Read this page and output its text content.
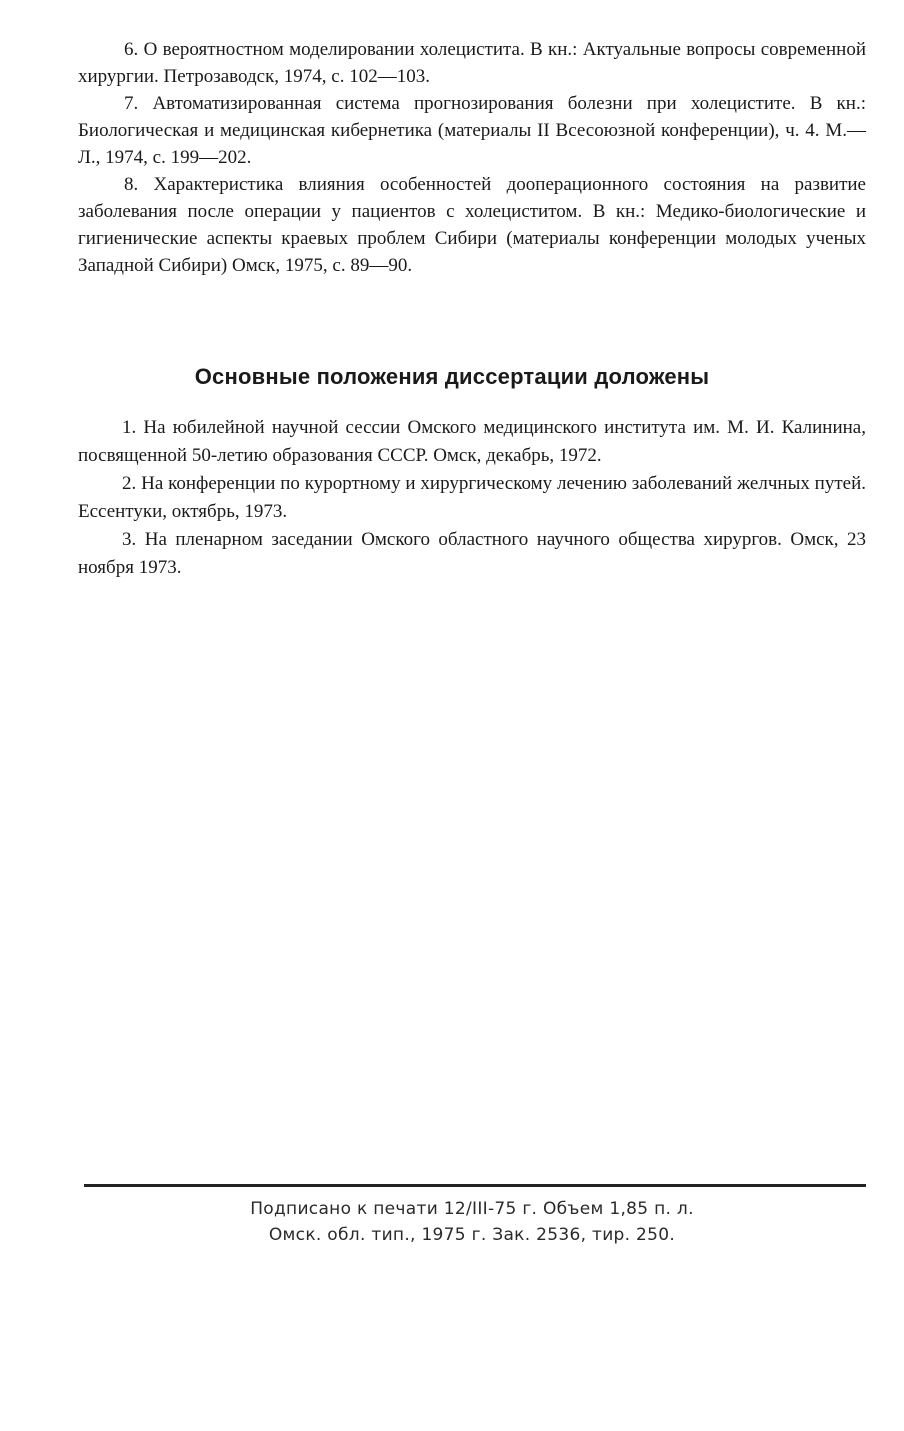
6. О вероятностном моделировании холецистита. В кн.: Актуальные вопросы современной хирургии. Петрозаводск, 1974, с. 102—103.

7. Автоматизированная система прогнозирования болезни при холецистите. В кн.: Биологическая и медицинская кибернетика (материалы II Всесоюзной конференции), ч. 4. М.—Л., 1974, с. 199—202.

8. Характеристика влияния особенностей дооперационного состояния на развитие заболевания после операции у пациентов с холециститом. В кн.: Медико-биологические и гигиенические аспекты краевых проблем Сибири (материалы конференции молодых ученых Западной Сибири) Омск, 1975, с. 89—90.

Основные положения диссертации доложены

1. На юбилейной научной сессии Омского медицинского института им. М. И. Калинина, посвященной 50-летию образования СССР. Омск, декабрь, 1972.

2. На конференции по курортному и хирургическому лечению заболеваний желчных путей. Ессентуки, октябрь, 1973.

3. На пленарном заседании Омского областного научного общества хирургов. Омск, 23 ноября 1973.

Подписано к печати 12/III-75 г. Объем 1,85 п. л.
Омск. обл. тип., 1975 г. Зак. 2536, тир. 250.
